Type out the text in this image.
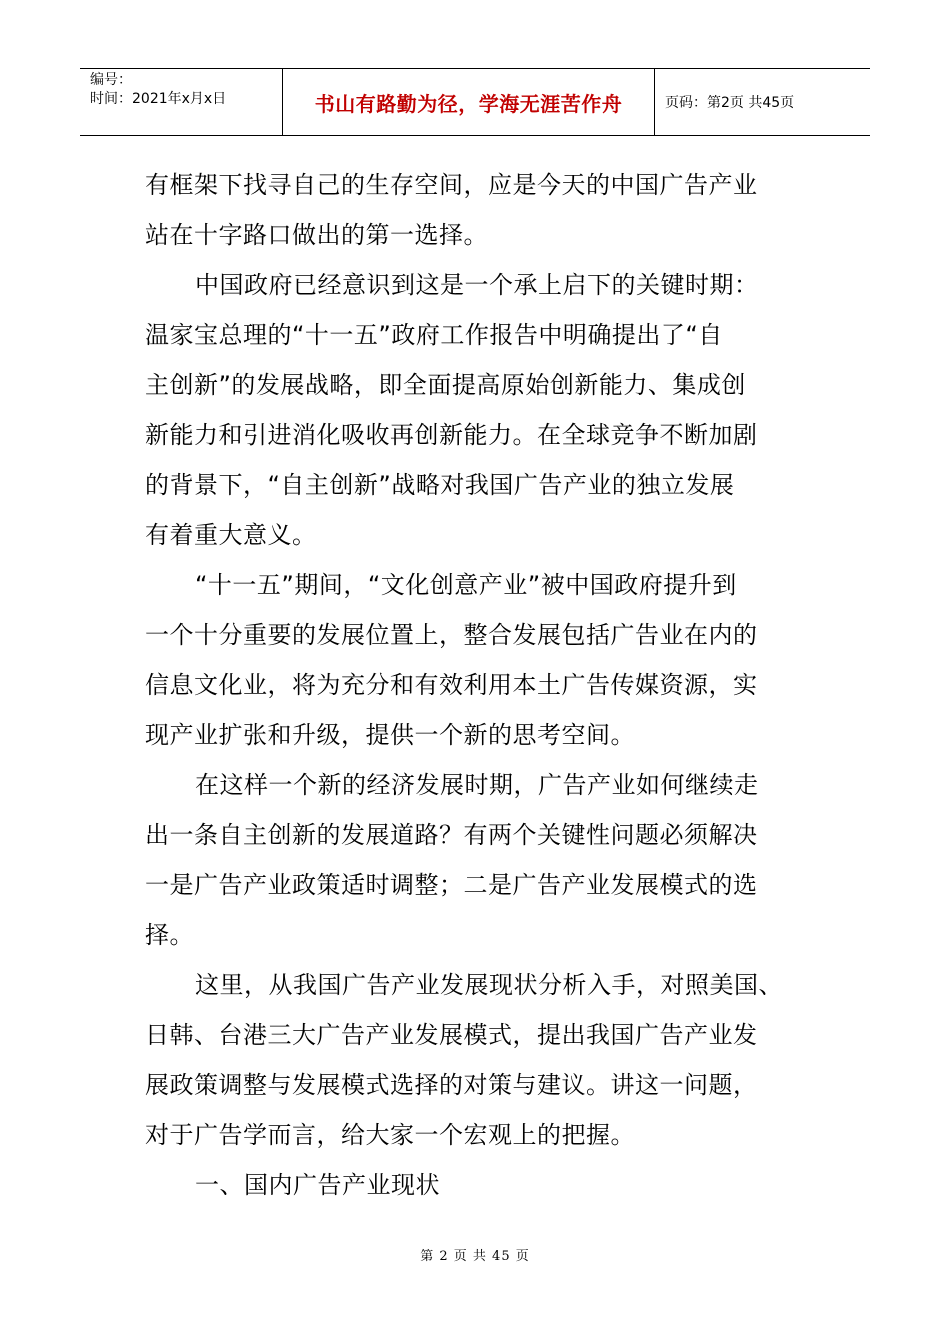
编号：
时间：2021年x月x日	书山有路勤为径，学海无涯苦作舟	页码：第2页 共45页

有框架下找寻自己的生存空间，应是今天的中国广告产业

站在十字路口做出的第一选择。

中国政府已经意识到这是一个承上启下的关键时期：

温家宝总理的“十一五”政府工作报告中明确提出了“自

主创新”的发展战略，即全面提高原始创新能力、集成创

新能力和引进消化吸收再创新能力。在全球竞争不断加剧

的背景下，“自主创新”战略对我国广告产业的独立发展

有着重大意义。

“十一五”期间，“文化创意产业”被中国政府提升到

一个十分重要的发展位置上，整合发展包括广告业在内的

信息文化业，将为充分和有效利用本土广告传媒资源，实

现产业扩张和升级，提供一个新的思考空间。

在这样一个新的经济发展时期，广告产业如何继续走

出一条自主创新的发展道路？有两个关键性问题必须解决

一是广告产业政策适时调整；二是广告产业发展模式的选

择。

这里，从我国广告产业发展现状分析入手，对照美国、

日韩、台港三大广告产业发展模式，提出我国广告产业发

展政策调整与发展模式选择的对策与建议。讲这一问题，

对于广告学而言，给大家一个宏观上的把握。

一、国内广告产业现状

第 2 页 共 45 页
